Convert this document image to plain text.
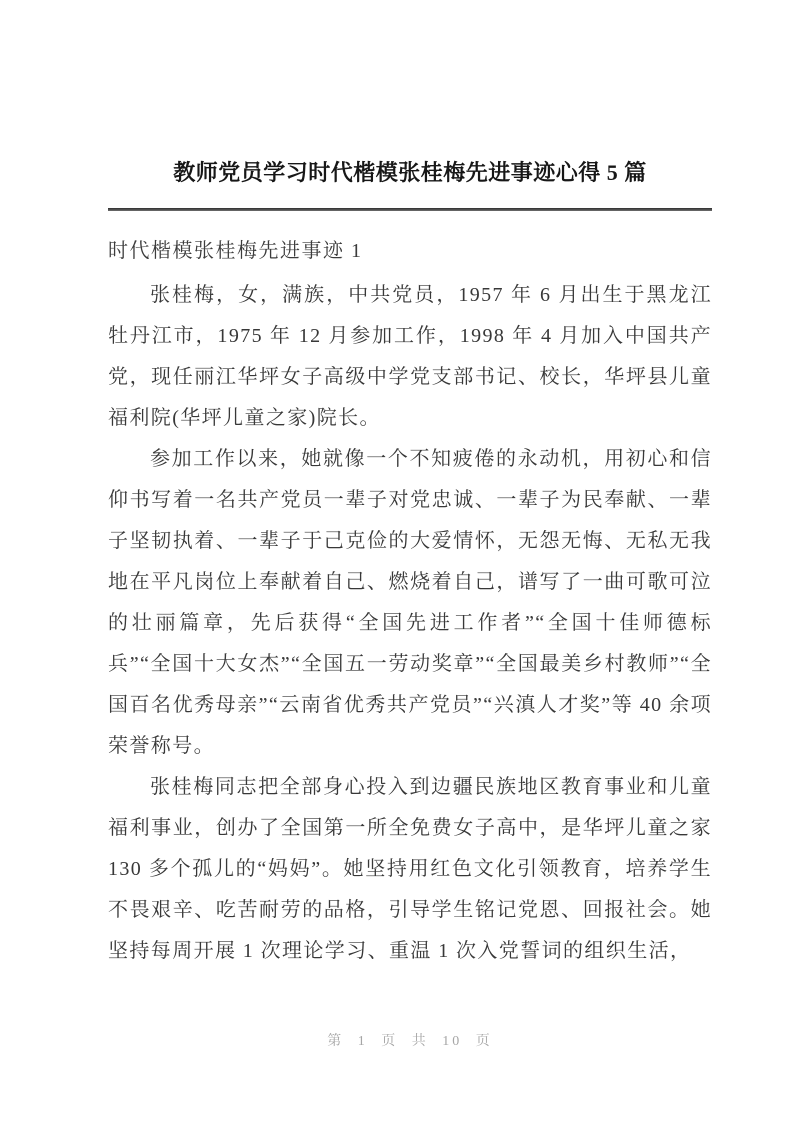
教师党员学习时代楷模张桂梅先进事迹心得 5 篇
时代楷模张桂梅先进事迹 1

张桂梅，女，满族，中共党员，1957 年 6 月出生于黑龙江牡丹江市，1975 年 12 月参加工作，1998 年 4 月加入中国共产党，现任丽江华坪女子高级中学党支部书记、校长，华坪县儿童福利院(华坪儿童之家)院长。

参加工作以来，她就像一个不知疲倦的永动机，用初心和信仰书写着一名共产党员一辈子对党忠诚、一辈子为民奉献、一辈子坚韧执着、一辈子于己克俭的大爱情怀，无怨无悔、无私无我地在平凡岗位上奉献着自己、燃烧着自己，谱写了一曲可歌可泣的壮丽篇章，先后获得“全国先进工作者”“全国十佳师德标兵”“全国十大女杰”“全国五一劳动奖章”“全国最美乡村教师”“全国百名优秀母亲”“云南省优秀共产党员”“兴滇人才奖”等 40 余项荣誉称号。

张桂梅同志把全部身心投入到边疆民族地区教育事业和儿童福利事业，创办了全国第一所全免费女子高中，是华坪儿童之家 130 多个孤儿的“妈妈”。她坚持用红色文化引领教育，培养学生不畏艰辛、吃苦耐劳的品格，引导学生铭记党恩、回报社会。她坚持每周开展 1 次理论学习、重温 1 次入党誓词的组织生活，

第 1 页 共 10 页
